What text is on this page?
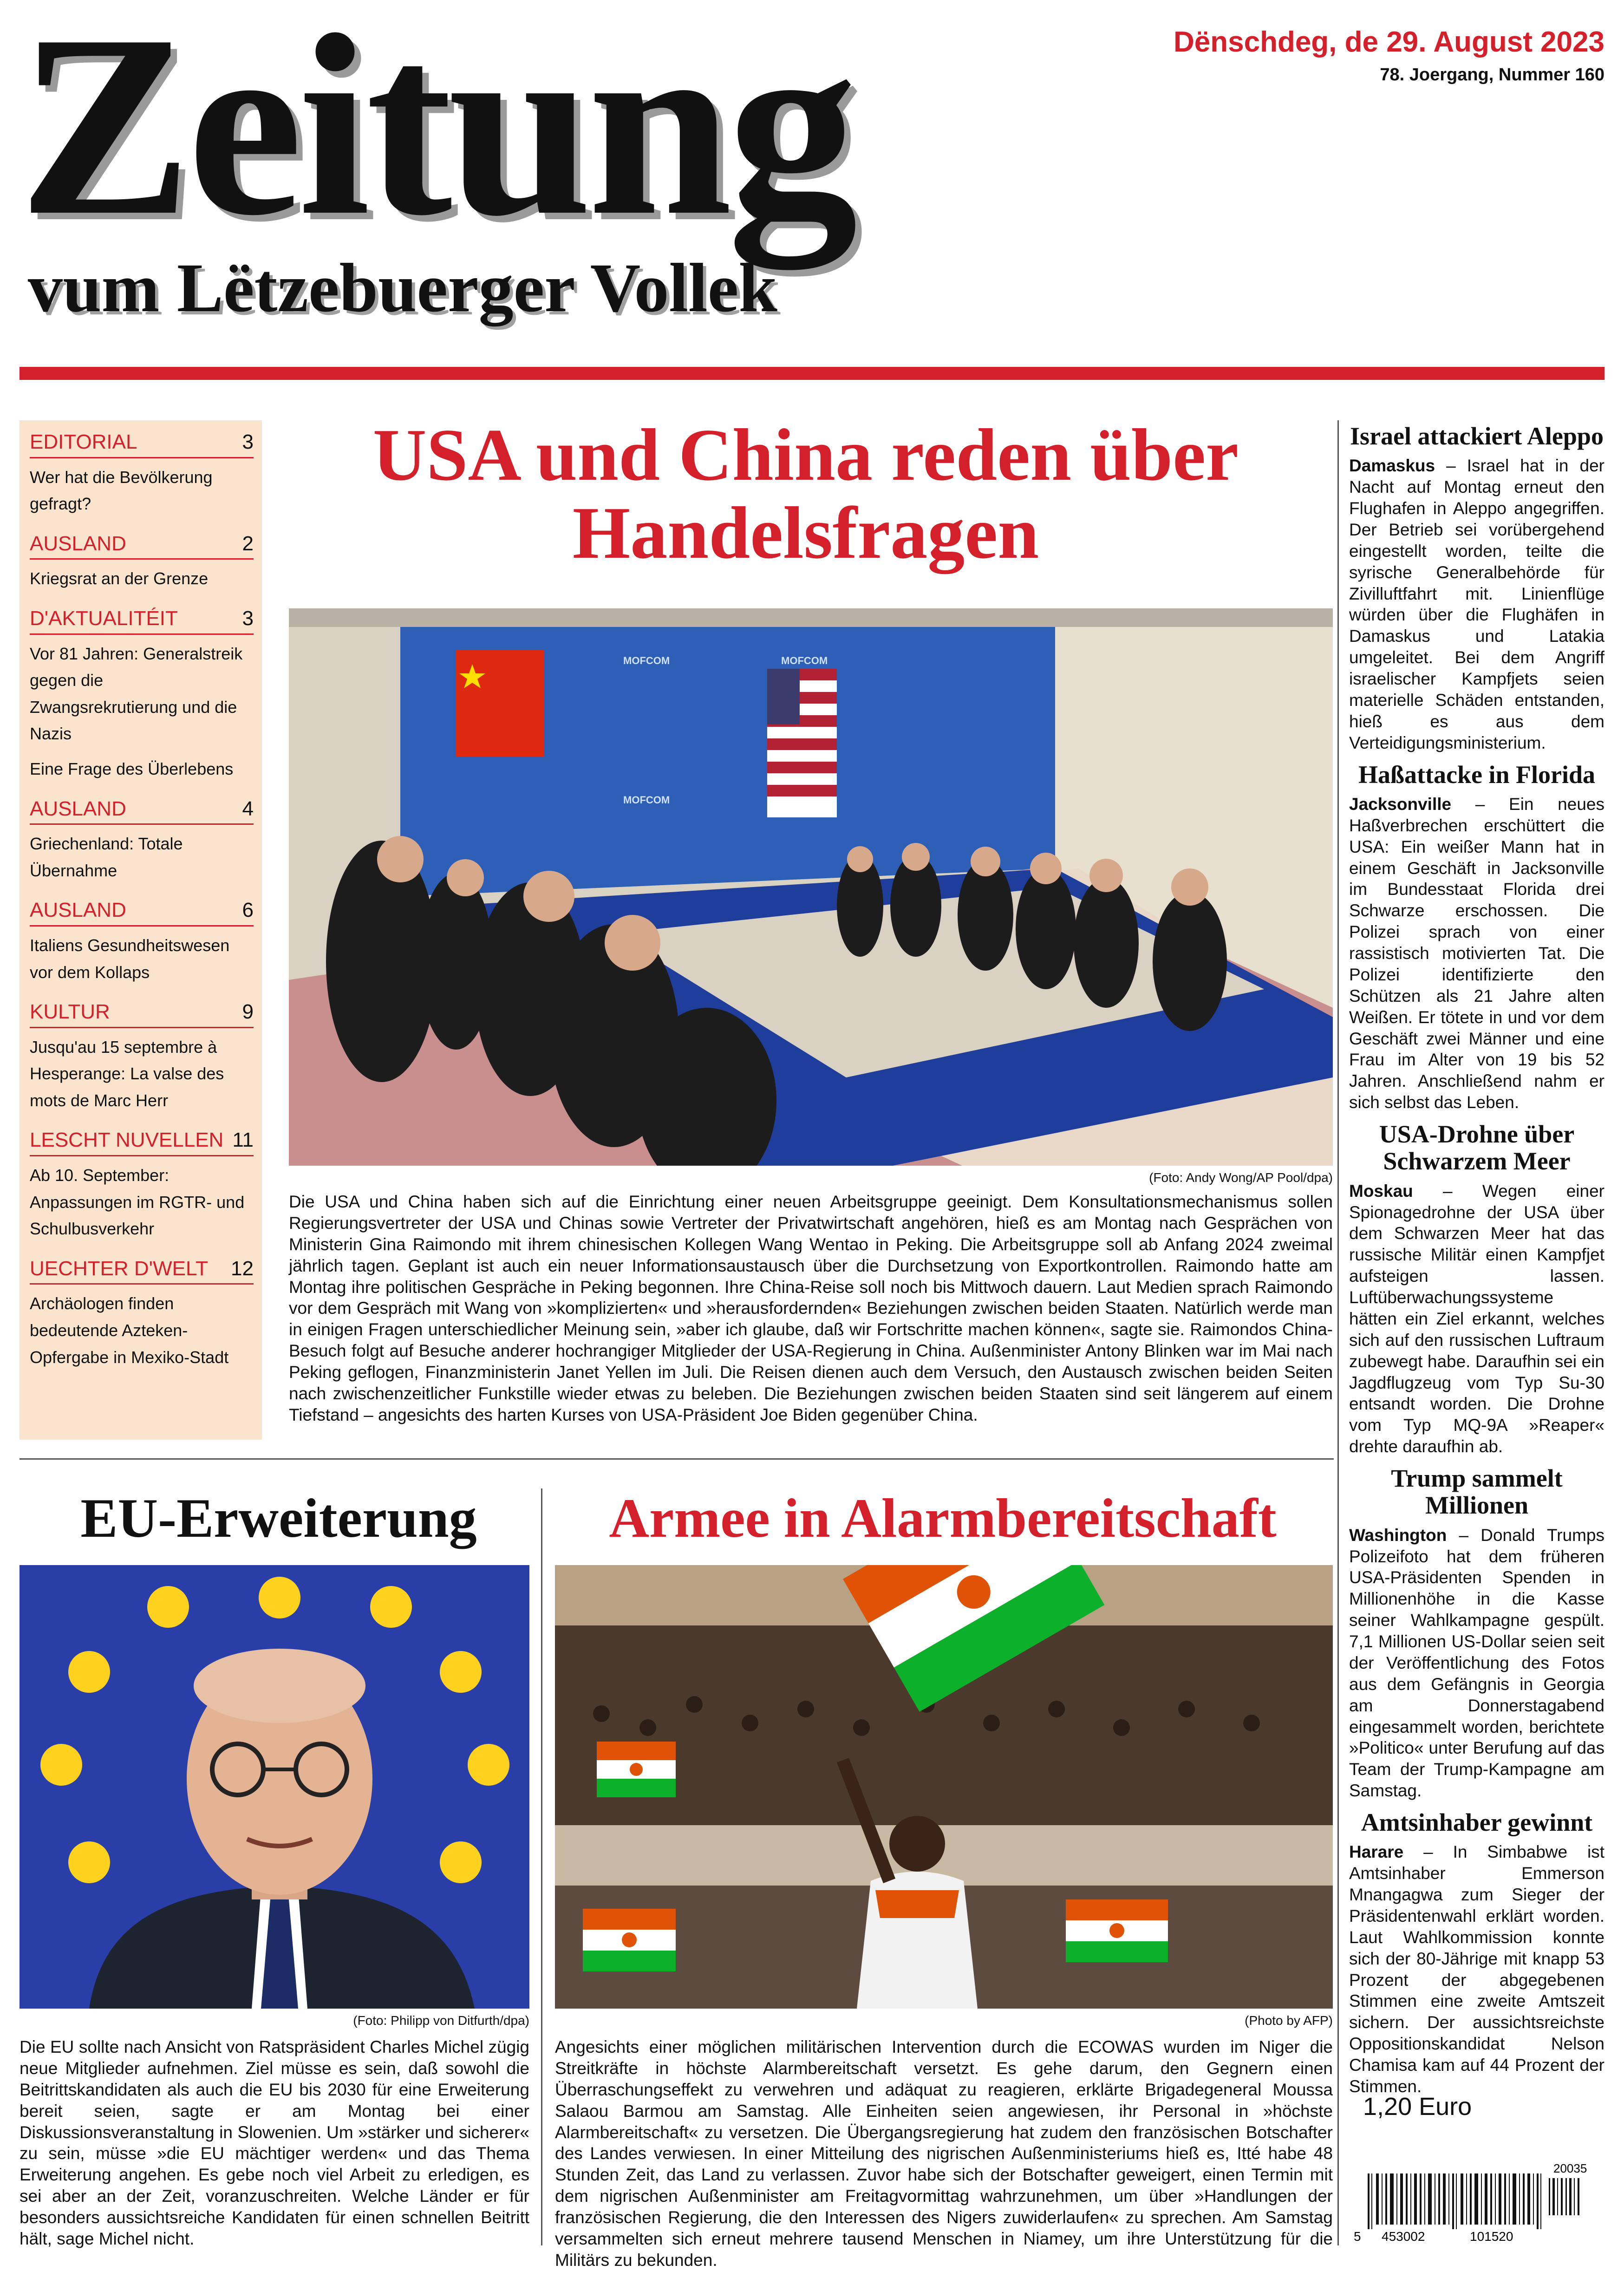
Zeitung
vum Lëtzebuerger Vollek
Dënschdeg, de 29. August 2023
78. Joergang, Nummer 160
EDITORIAL	3
Wer hat die Bevölkerung gefragt?
AUSLAND	2
Kriegsrat an der Grenze
D'AKTUALITÉIT	3
Vor 81 Jahren: Generalstreik gegen die Zwangsrekrutierung und die Nazis
Eine Frage des Überlebens
AUSLAND	4
Griechenland: Totale Übernahme
AUSLAND	6
Italiens Gesundheitswesen vor dem Kollaps
KULTUR	9
Jusqu'au 15 septembre à Hesperange: La valse des mots de Marc Herr
LESCHT NUVELLEN 11
Ab 10. September: Anpassungen im RGTR- und Schulbusverkehr
UECHTER D'WELT 12
Archäologen finden bedeutende Azteken-Opfergabe in Mexiko-Stadt
USA und China reden über Handelsfragen
MOFCOM	MOFCOM
MOFCOM
(Foto: Andy Wong/AP Pool/dpa)
Die USA und China haben sich auf die Einrichtung einer neuen Arbeitsgruppe geeinigt. Dem Konsultationsmechanismus sollen Regierungsvertreter der USA und Chinas sowie Vertreter der Privatwirtschaft angehören, hieß es am Montag nach Gesprächen von Ministerin Gina Raimondo mit ihrem chinesischen Kollegen Wang Wentao in Peking. Die Arbeitsgruppe soll ab Anfang 2024 zweimal jährlich tagen. Geplant ist auch ein neuer Informationsaustausch über die Durchsetzung von Exportkontrollen. Raimondo hatte am Montag ihre politischen Gespräche in Peking begonnen. Ihre China-Reise soll noch bis Mittwoch dauern. Laut Medien sprach Raimondo vor dem Gespräch mit Wang von »komplizierten« und »herausfordernden« Beziehungen zwischen beiden Staaten. Natürlich werde man in einigen Fragen unterschiedlicher Meinung sein, »aber ich glaube, daß wir Fortschritte machen können«, sagte sie. Raimondos China-Besuch folgt auf Besuche anderer hochrangiger Mitglieder der USA-Regierung in China. Außenminister Antony Blinken war im Mai nach Peking geflogen, Finanzministerin Janet Yellen im Juli. Die Reisen dienen auch dem Versuch, den Austausch zwischen beiden Seiten nach zwischenzeitlicher Funkstille wieder etwas zu beleben. Die Beziehungen zwischen beiden Staaten sind seit längerem auf einem Tiefstand – angesichts des harten Kurses von USA-Präsident Joe Biden gegenüber China.
EU-Erweiterung
(Foto: Philipp von Ditfurth/dpa)
Die EU sollte nach Ansicht von Ratspräsident Charles Michel zügig neue Mitglieder aufnehmen. Ziel müsse es sein, daß sowohl die Beitrittskandidaten als auch die EU bis 2030 für eine Erweiterung bereit seien, sagte er am Montag bei einer Diskussionsveranstaltung in Slowenien. Um »stärker und sicherer« zu sein, müsse »die EU mächtiger werden« und das Thema Erweiterung angehen. Es gebe noch viel Arbeit zu erledigen, es sei aber an der Zeit, voranzuschreiten. Welche Länder er für besonders aussichtsreiche Kandidaten für einen schnellen Beitritt hält, sage Michel nicht.
Armee in Alarmbereitschaft
(Photo by AFP)
Angesichts einer möglichen militärischen Intervention durch die ECOWAS wurden im Niger die Streitkräfte in höchste Alarmbereitschaft versetzt. Es gehe darum, den Gegnern einen Überraschungseffekt zu verwehren und adäquat zu reagieren, erklärte Brigadegeneral Moussa Salaou Barmou am Samstag. Alle Einheiten seien angewiesen, ihr Personal in »höchste Alarmbereitschaft« zu versetzen. Die Übergangsregierung hat zudem den französischen Botschafter des Landes verwiesen. In einer Mitteilung des nigrischen Außenministeriums hieß es, Itté habe 48 Stunden Zeit, das Land zu verlassen. Zuvor habe sich der Botschafter geweigert, einen Termin mit dem nigrischen Außenminister am Freitagvormittag wahrzunehmen, um über »Handlungen der französischen Regierung, die den Interessen des Nigers zuwiderlaufen« zu sprechen. Am Samstag versammelten sich erneut mehrere tausend Menschen in Niamey, um ihre Unterstützung für die Militärs zu bekunden.
Israel attackiert Aleppo
Damaskus – Israel hat in der Nacht auf Montag erneut den Flughafen in Aleppo angegriffen. Der Betrieb sei vorübergehend eingestellt worden, teilte die syrische Generalbehörde für Zivilluftfahrt mit. Linienflüge würden über die Flughäfen in Damaskus und Latakia umgeleitet. Bei dem Angriff israelischer Kampfjets seien materielle Schäden entstanden, hieß es aus dem Verteidigungsministerium.
Haßattacke in Florida
Jacksonville – Ein neues Haßverbrechen erschüttert die USA: Ein weißer Mann hat in einem Geschäft in Jacksonville im Bundesstaat Florida drei Schwarze erschossen. Die Polizei sprach von einer rassistisch motivierten Tat. Die Polizei identifizierte den Schützen als 21 Jahre alten Weißen. Er tötete in und vor dem Geschäft zwei Männer und eine Frau im Alter von 19 bis 52 Jahren. Anschließend nahm er sich selbst das Leben.
USA-Drohne über Schwarzem Meer
Moskau – Wegen einer Spionagedrohne der USA über dem Schwarzen Meer hat das russische Militär einen Kampfjet aufsteigen lassen. Luftüberwachungssysteme hätten ein Ziel erkannt, welches sich auf den russischen Luftraum zubewegt habe. Daraufhin sei ein Jagdflugzeug vom Typ Su-30 entsandt worden. Die Drohne vom Typ MQ-9A »Reaper« drehte daraufhin ab.
Trump sammelt Millionen
Washington – Donald Trumps Polizeifoto hat dem früheren USA-Präsidenten Spenden in Millionenhöhe in die Kasse seiner Wahlkampagne gespült. 7,1 Millionen US-Dollar seien seit der Veröffentlichung des Fotos aus dem Gefängnis in Georgia am Donnerstagabend eingesammelt worden, berichtete »Politico« unter Berufung auf das Team der Trump-Kampagne am Samstag.
Amtsinhaber gewinnt
Harare – In Simbabwe ist Amtsinhaber Emmerson Mnangagwa zum Sieger der Präsidentenwahl erklärt worden. Laut Wahlkommission konnte sich der 80-Jährige mit knapp 53 Prozent der abgegebenen Stimmen eine zweite Amtszeit sichern. Der aussichtsreichste Oppositionskandidat Nelson Chamisa kam auf 44 Prozent der Stimmen.
1,20 Euro
20035
5 453002	101520
